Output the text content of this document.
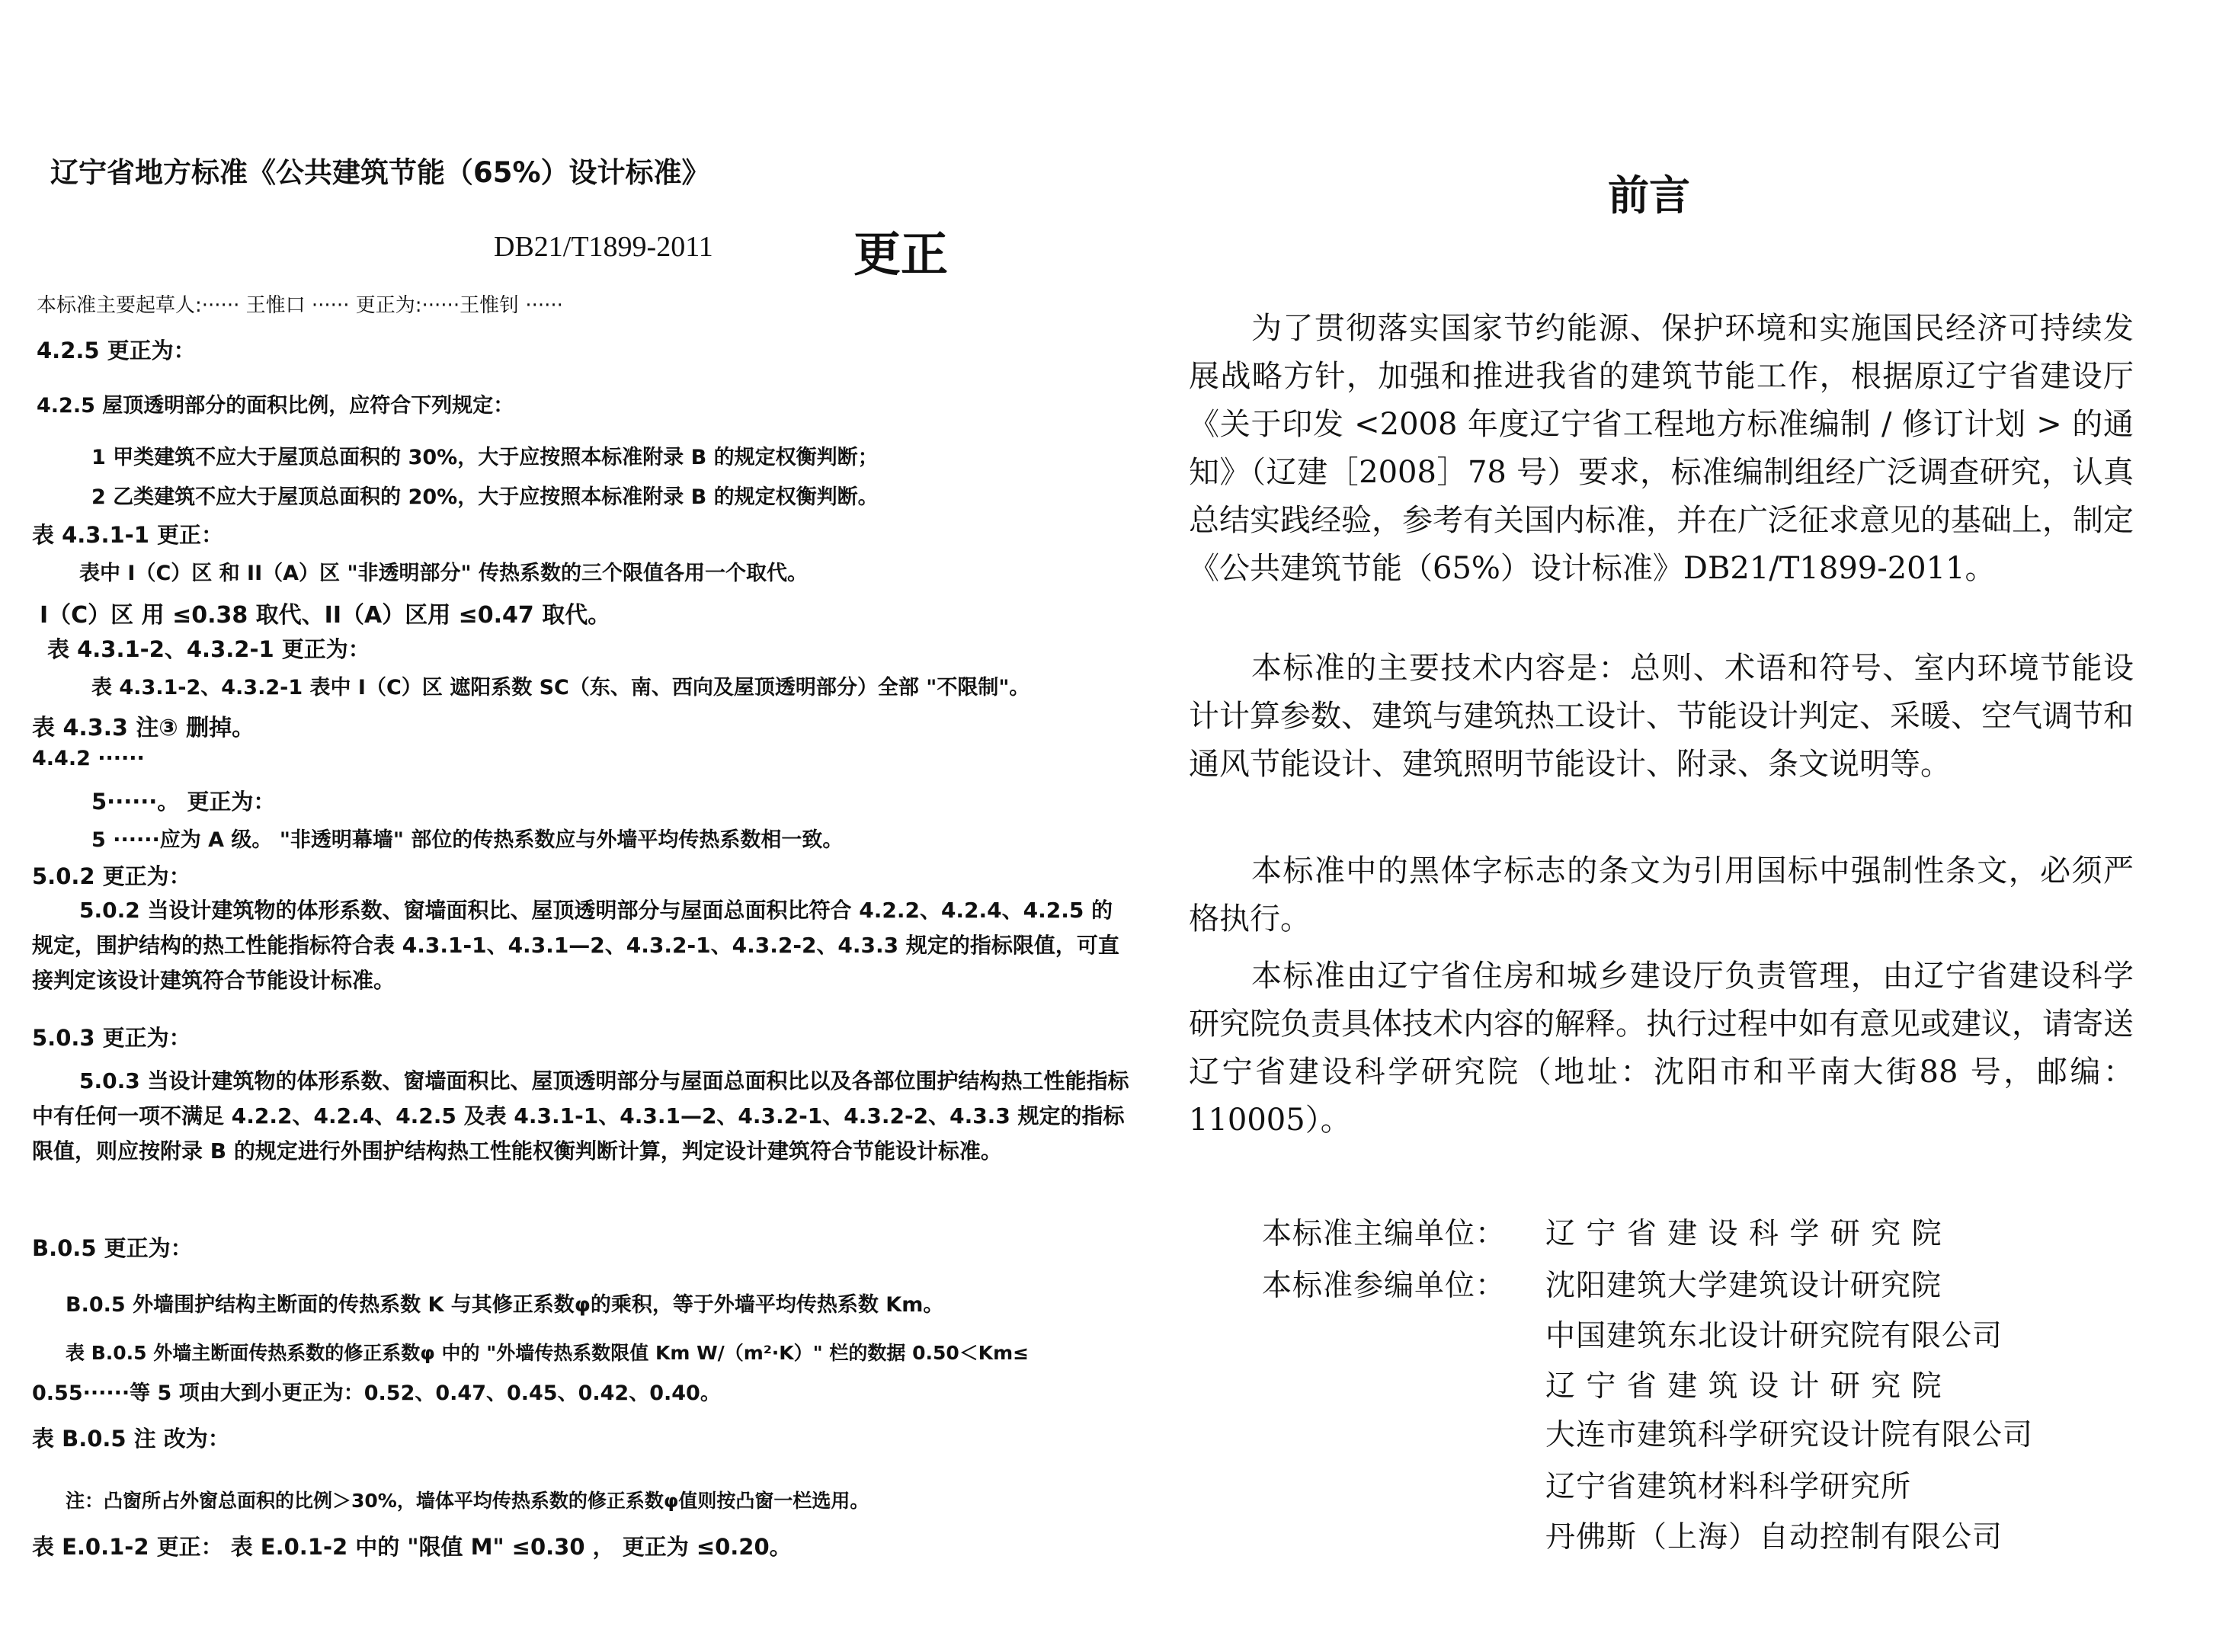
辽宁省地方标准《公共建筑节能（65%）设计标准》
DB21/T1899-2011	更正
本标准主要起草人:······ 王惟口 ······ 更正为:······王惟钊 ······
4.2.5 更正为：
4.2.5 屋顶透明部分的面积比例，应符合下列规定：
1 甲类建筑不应大于屋顶总面积的 30%，大于应按照本标准附录 B 的规定权衡判断；
2 乙类建筑不应大于屋顶总面积的 20%，大于应按照本标准附录 B 的规定权衡判断。
表 4.3.1-1 更正：
表中 I（C）区 和 II（A）区 "非透明部分" 传热系数的三个限值各用一个取代。
I（C）区 用 ≤0.38 取代、II（A）区用 ≤0.47 取代。
表 4.3.1-2、4.3.2-1 更正为：
表 4.3.1-2、4.3.2-1 表中 I（C）区 遮阳系数 SC（东、南、西向及屋顶透明部分）全部 "不限制"。
表 4.3.3 注③ 删掉。
4.4.2 ······
5······。 更正为：
5 ······应为 A 级。 "非透明幕墙" 部位的传热系数应与外墙平均传热系数相一致。
5.0.2 更正为：
5.0.2 当设计建筑物的体形系数、窗墙面积比、屋顶透明部分与屋面总面积比符合 4.2.2、4.2.4、4.2.5 的规定，围护结构的热工性能指标符合表 4.3.1-1、4.3.1—2、4.3.2-1、4.3.2-2、4.3.3 规定的指标限值，可直接判定该设计建筑符合节能设计标准。
5.0.3 更正为：
5.0.3 当设计建筑物的体形系数、窗墙面积比、屋顶透明部分与屋面总面积比以及各部位围护结构热工性能指标中有任何一项不满足 4.2.2、4.2.4、4.2.5 及表 4.3.1-1、4.3.1—2、4.3.2-1、4.3.2-2、4.3.3 规定的指标限值，则应按附录 B 的规定进行外围护结构热工性能权衡判断计算，判定设计建筑符合节能设计标准。
B.0.5 更正为：
B.0.5 外墙围护结构主断面的传热系数 K 与其修正系数φ的乘积，等于外墙平均传热系数 Km。
表 B.0.5 外墙主断面传热系数的修正系数φ 中的 "外墙传热系数限值 Km W/（m²·K）" 栏的数据 0.50＜Km≤
0.55······等 5 项由大到小更正为：0.52、0.47、0.45、0.42、0.40。
表 B.0.5 注 改为：
注：凸窗所占外窗总面积的比例＞30%，墙体平均传热系数的修正系数φ值则按凸窗一栏选用。
表 E.0.1-2 更正： 表 E.0.1-2 中的 "限值 M" ≤0.30 ， 更正为 ≤0.20。
前言
为了贯彻落实国家节约能源、保护环境和实施国民经济可持续发展战略方针，加强和推进我省的建筑节能工作，根据原辽宁省建设厅《关于印发 <2008 年度辽宁省工程地方标准编制 / 修订计划 > 的通知》（辽建［2008］78 号）要求，标准编制组经广泛调查研究，认真总结实践经验，参考有关国内标准，并在广泛征求意见的基础上，制定《公共建筑节能（65%）设计标准》DB21/T1899-2011。
本标准的主要技术内容是：总则、术语和符号、室内环境节能设计计算参数、建筑与建筑热工设计、节能设计判定、采暖、空气调节和通风节能设计、建筑照明节能设计、附录、条文说明等。
本标准中的黑体字标志的条文为引用国标中强制性条文，必须严格执行。
本标准由辽宁省住房和城乡建设厅负责管理，由辽宁省建设科学研究院负责具体技术内容的解释。执行过程中如有意见或建议，请寄送辽宁省建设科学研究院（地址：沈阳市和平南大街88 号，邮编：110005）。
本标准主编单位： 辽 宁 省 建 设 科 学 研 究 院
本标准参编单位： 沈阳建筑大学建筑设计研究院
中国建筑东北设计研究院有限公司
辽 宁 省 建 筑 设 计 研 究 院
大连市建筑科学研究设计院有限公司
辽宁省建筑材料科学研究所
丹佛斯（上海）自动控制有限公司
